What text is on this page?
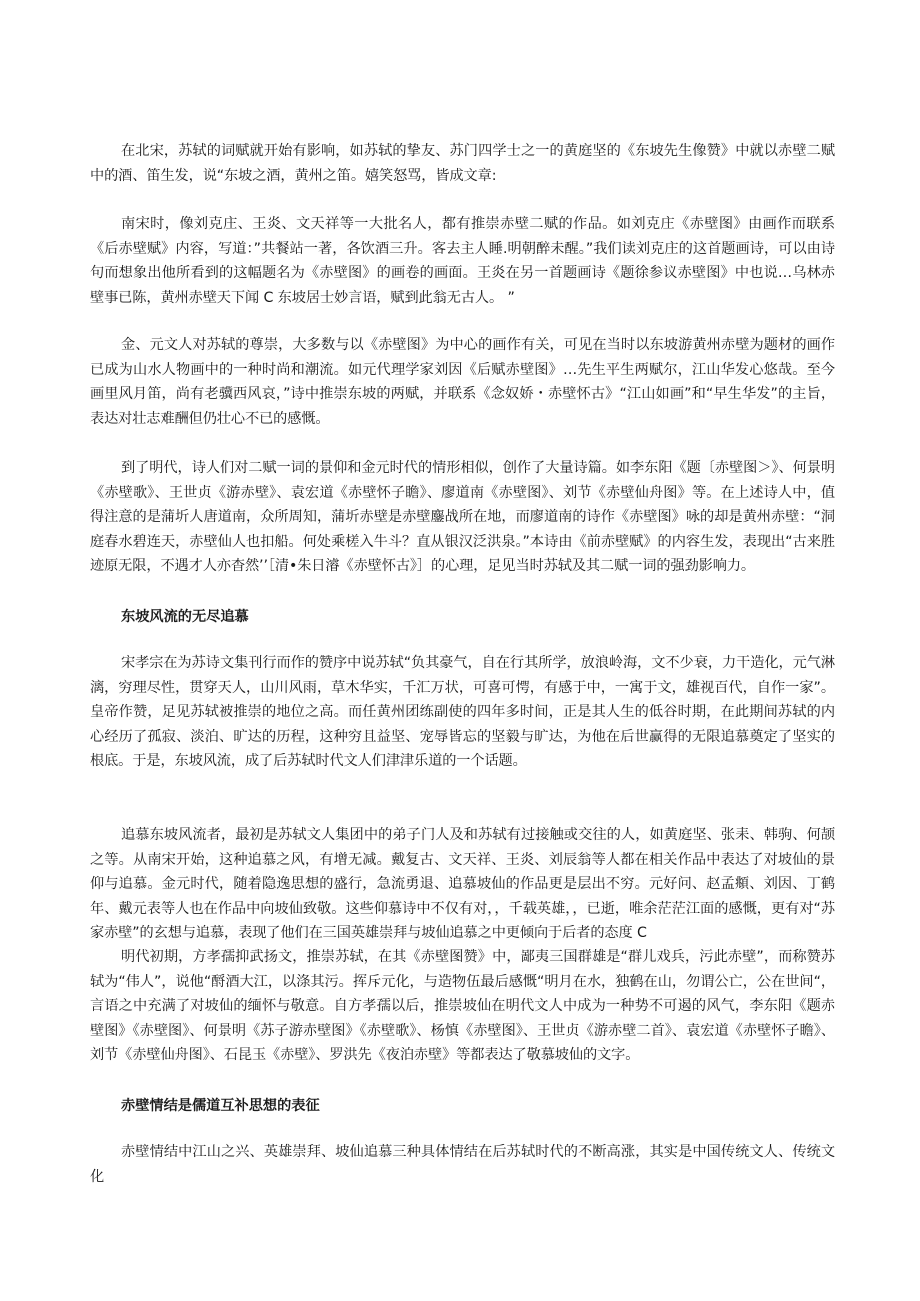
在北宋，苏轼的词赋就开始有影响，如苏轼的挚友、苏门四学士之一的黄庭坚的《东坡先生像赞》中就以赤壁二赋中的酒、笛生发，说“东坡之酒，黄州之笛。嬉笑怒骂，皆成文章:

南宋时，像刘克庄、王炎、文天祥等一大批名人，都有推崇赤壁二赋的作品。如刘克庄《赤壁图》由画作而联系《后赤壁赋》内容，写道：”共餐站一著，各饮酒三升。客去主人睡.明朝醉未醒。”我们读刘克庄的这首题画诗，可以由诗句而想象出他所看到的这幅题名为《赤壁图》的画卷的画面。王炎在另一首题画诗《题徐参议赤壁图》中也说…乌林赤壁事已陈，黄州赤壁天下闻 C 东坡居士妙言语，赋到此翁无古人。 ”

金、元文人对苏轼的尊崇，大多数与以《赤壁图》为中心的画作有关，可见在当时以东坡游黄州赤壁为题材的画作已成为山水人物画中的一种时尚和潮流。如元代理学家刘因《后赋赤壁图》…先生平生两赋尔，江山华发心悠哉。至今画里风月笛，尚有老骥西风哀，”诗中推崇东坡的两赋，并联系《念奴娇・赤壁怀古》“江山如画”和“早生华发”的主旨，表达对壮志难酬但仍壮心不已的感慨。

到了明代，诗人们对二赋一词的景仰和金元时代的情形相似，创作了大量诗篇。如李东阳《题〔赤壁图＞》、何景明《赤壁歌》、王世贞《游赤壁》、袁宏道《赤壁怀子瞻》、廖道南《赤壁图》、刘节《赤壁仙舟图》等。在上述诗人中，值得注意的是蒲圻人唐道南，众所周知，蒲圻赤壁是赤壁鏖战所在地，而廖道南的诗作《赤壁图》咏的却是黄州赤壁：“洞庭春水碧连天，赤壁仙人也扣船。何处乘槎入牛斗？直从银汉泛洪泉。”本诗由《前赤壁赋》的内容生发，表现出“古来胜迹原无限，不遇才人亦杳然’’［清•朱日濬《赤壁怀古》］的心理，足见当时苏轼及其二赋一词的强劲影响力。

东坡风流的无尽追慕

宋孝宗在为苏诗文集刊行而作的赞序中说苏轼“负其豪气，自在行其所学，放浪岭海，文不少衰，力干造化，元气淋漓，穷理尽性，贯穿天人，山川风雨，草木华实，千汇万状，可喜可愕，有感于中，一寓于文，雄视百代，自作一家”。皇帝作赞，足见苏轼被推崇的地位之高。而任黄州团练副使的四年多时间，正是其人生的低谷时期，在此期间苏轼的内心经历了孤寂、淡泊、旷达的历程，这种穷且益坚、宠辱皆忘的坚毅与旷达，为他在后世赢得的无限追慕奠定了坚实的根底。于是，东坡风流，成了后苏轼时代文人们津津乐道的一个话题。

追慕东坡风流者，最初是苏轼文人集团中的弟子门人及和苏轼有过接触或交往的人，如黄庭坚、张耒、韩驹、何颉之等。从南宋开始，这种追慕之风，有增无减。戴复古、文天祥、王炎、刘辰翁等人都在相关作品中表达了对坡仙的景仰与追慕。金元时代，随着隐逸思想的盛行，急流勇退、追慕坡仙的作品更是层出不穷。元好问、赵孟頫、刘因、丁鹤年、戴元表等人也在作品中向坡仙致敬。这些仰慕诗中不仅有对，，千载英雄，，已逝，唯余茫茫江面的感慨，更有对“苏家赤壁”的玄想与追慕，表现了他们在三国英雄崇拜与坡仙追慕之中更倾向于后者的态度 C

明代初期，方孝孺抑武扬文，推崇苏轼，在其《赤壁图赞》中，鄙夷三国群雄是“群儿戏兵，污此赤壁”，而称赞苏轼为“伟人”，说他“酹酒大江，以涤其污。挥斥元化，与造物伍最后感慨“明月在水，独鹤在山，勿谓公亡，公在世间“，言语之中充满了对坡仙的缅怀与敬意。自方孝孺以后，推崇坡仙在明代文人中成为一种势不可遏的风气，李东阳《题赤壁图》《赤壁图》、何景明《苏子游赤壁图》《赤壁歌》、杨慎《赤壁图》、王世贞《游赤壁二首》、袁宏道《赤壁怀子瞻》、刘节《赤壁仙舟图》、石昆玉《赤壁》、罗洪先《夜泊赤壁》等都表达了敬慕坡仙的文字。

赤壁情结是儒道互补思想的表征

赤壁情结中江山之兴、英雄崇拜、坡仙追慕三种具体情结在后苏轼时代的不断高涨，其实是中国传统文人、传统文化
